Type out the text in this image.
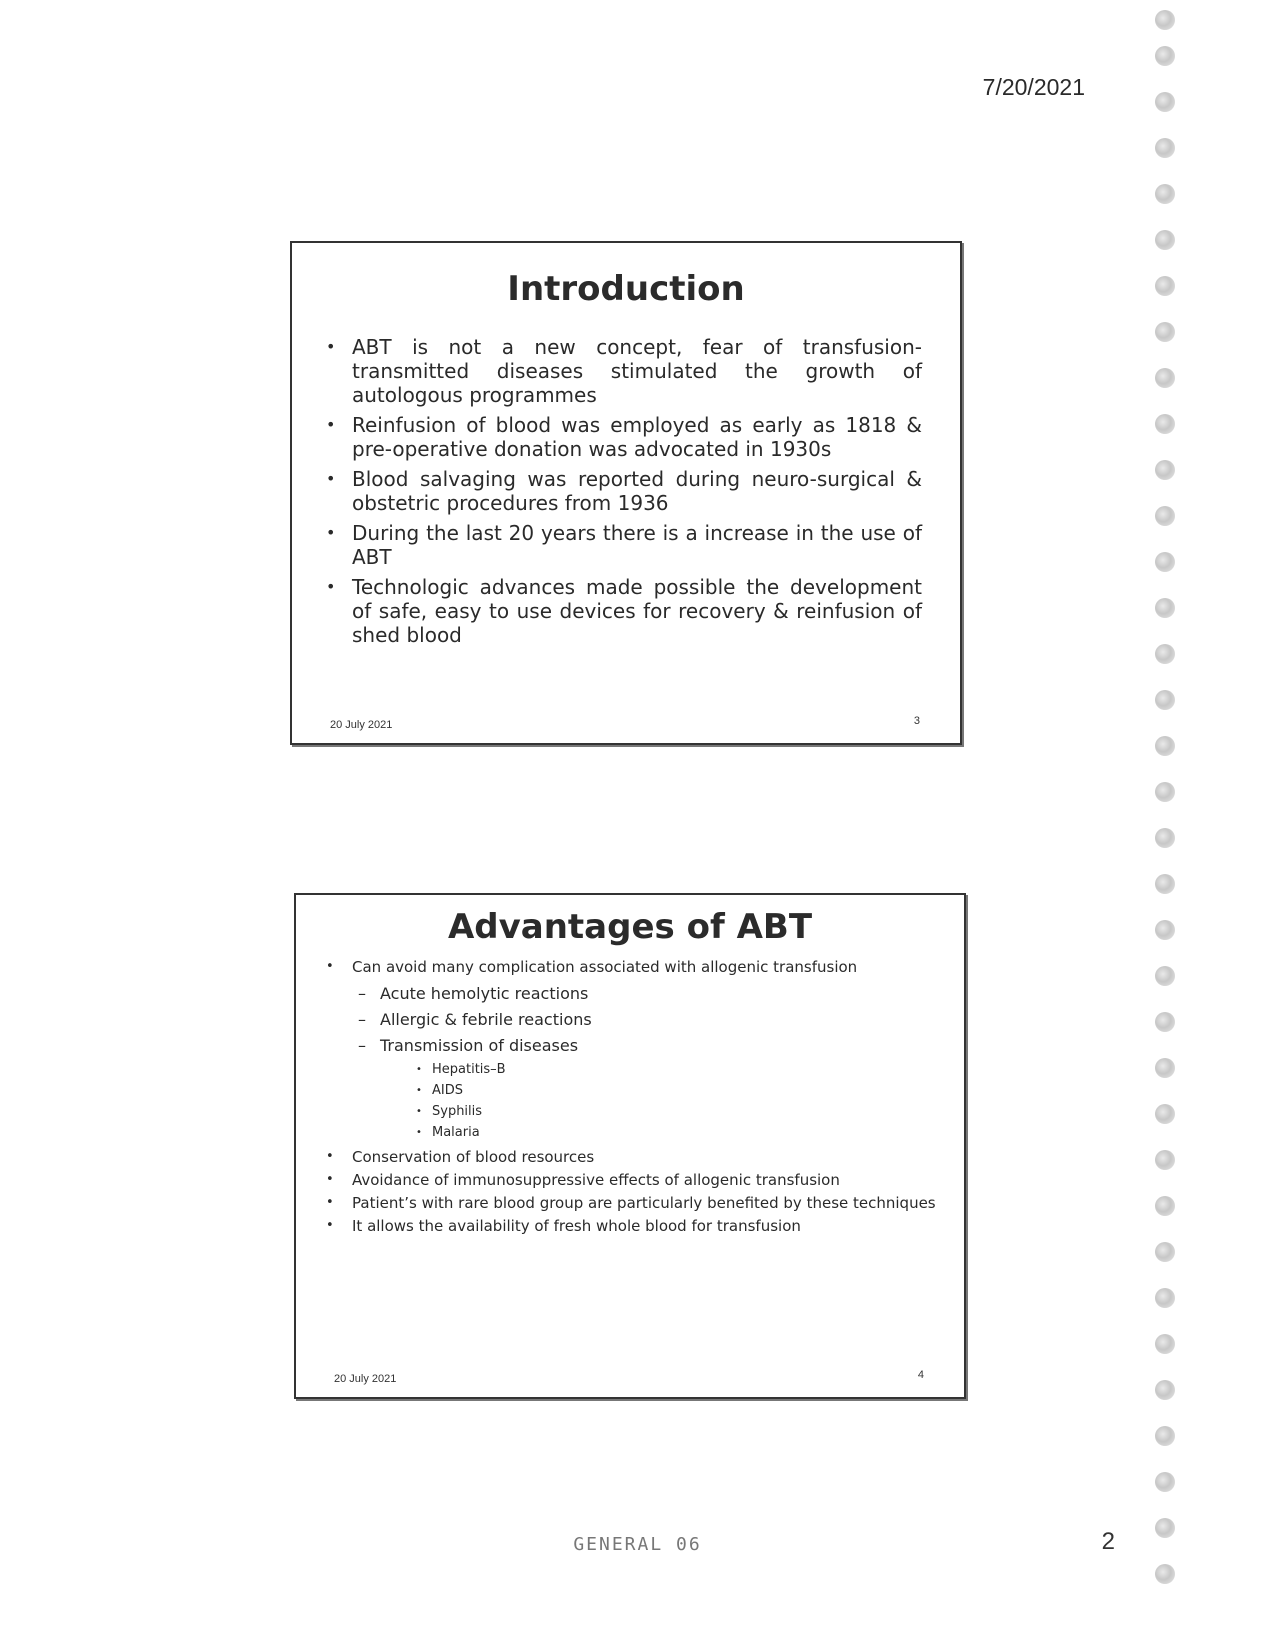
7/20/2021
Introduction
• ABT is not a new concept, fear of transfusion-transmitted diseases stimulated the growth of autologous programmes
• Reinfusion of blood was employed as early as 1818 & pre-operative donation was advocated in 1930s
• Blood salvaging was reported during neuro-surgical & obstetric procedures from 1936
• During the last 20 years there is a increase in the use of ABT
• Technologic advances made possible the development of safe, easy to use devices for recovery & reinfusion of shed blood
20 July 2021	3
Advantages of ABT
• Can avoid many complication associated with allogenic transfusion
– Acute hemolytic reactions
– Allergic & febrile reactions
– Transmission of diseases
• Hepatitis–B
• AIDS
• Syphilis
• Malaria
• Conservation of blood resources
• Avoidance of immunosuppressive effects of allogenic transfusion
• Patient’s with rare blood group are particularly benefited by these techniques
• It allows the availability of fresh whole blood for transfusion
20 July 2021	4
GENERAL 06	2
